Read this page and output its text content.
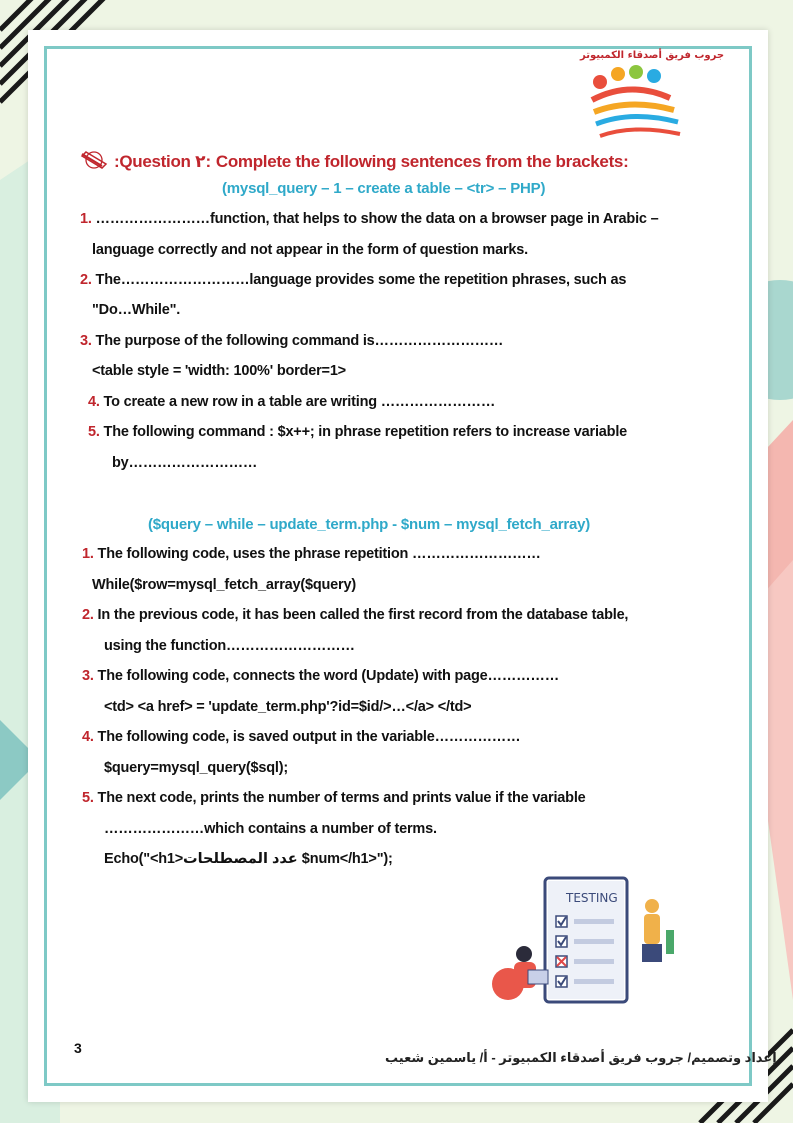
جروب فريق أصدقاء الكمبيوتر
:Question ٢: Complete the following sentences from the brackets:
(mysql_query – 1 – create a table – <tr> – PHP)
1. ……………………function, that helps to show the data on a browser page in Arabic –
language correctly and not appear in the form of question marks.
2. The………………………language provides some the repetition phrases, such as
"Do…While".
3. The purpose of the following command is………………………
<table style = 'width: 100%' border=1>
4. To create a new row in a table are writing ……………………
5. The following command : $x++; in phrase repetition refers to increase variable
by………………………
($query – while – update_term.php - $num – mysql_fetch_array)
1. The following code, uses the phrase repetition ………………………
While($row=mysql_fetch_array($query)
2. In the previous code, it has been called the first record from the database table,
using the function………………………
3. The following code, connects the word (Update) with page……………
<td> <a href> = 'update_term.php'?id=$id/>…</a> </td>
4. The following code, is saved output in the variable………………
$query=mysql_query($sql);
5. The next code, prints the number of terms and prints value if the variable
…………………which contains a number of terms.
Echo("<h1>عدد المصطلحات $num</h1>");
TESTING
3
إعداد وتصميم/ جروب فريق أصدقاء الكمبيوتر - أ/ ياسمين شعيب
